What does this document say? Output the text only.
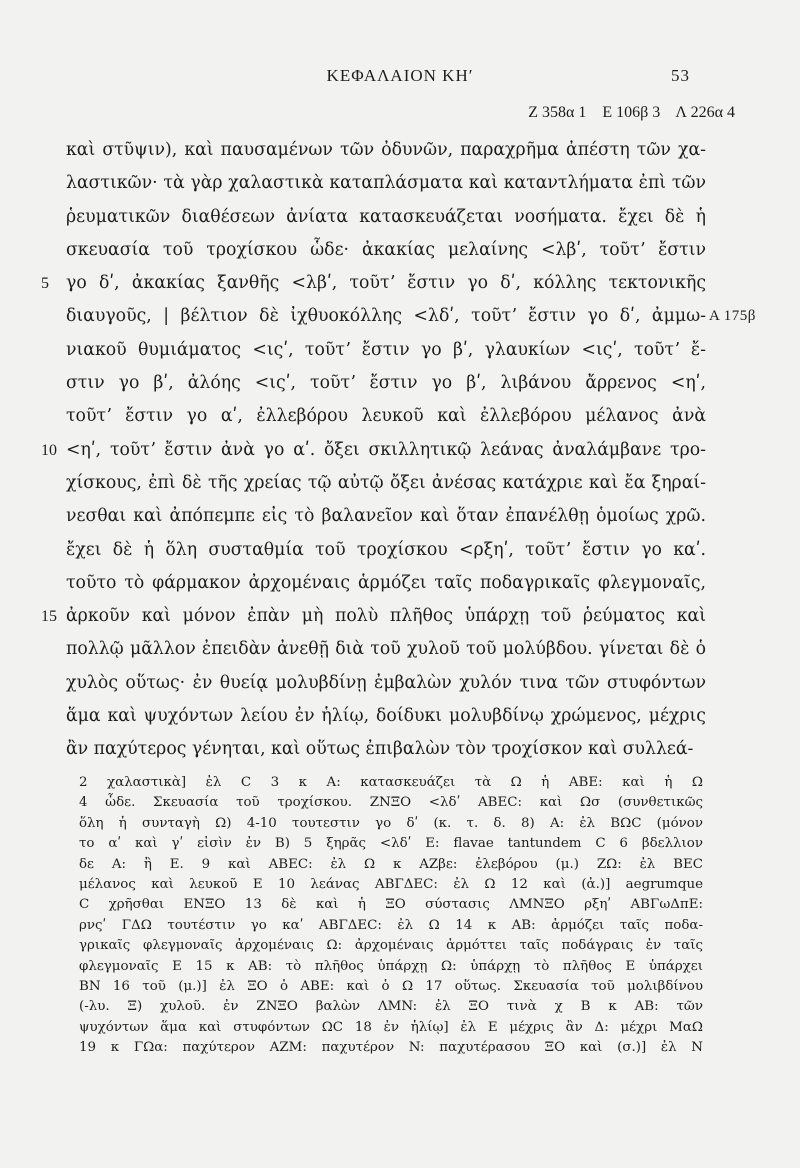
ΚΕΦΑΛΑΙΟΝ ΚΗʹ	53
Z 358α 1    E 106β 3    Λ 226α 4
καὶ στῦψιν), καὶ παυσαμένων τῶν ὀδυνῶν, παραχρῆμα ἀπέστη τῶν χα-
λαστικῶν· τὰ γὰρ χαλαστικὰ καταπλάσματα καὶ καταντλήματα ἐπὶ τῶν
ῥευματικῶν διαθέσεων ἀνίατα κατασκευάζεται νοσήματα. ἔχει δὲ ἡ
σκευασία τοῦ τροχίσκου ὧδε· ἀκακίας μελαίνης <λβʹ, τοῦτʼ ἔστιν
5 γο δʹ, ἀκακίας ξανθῆς <λβʹ, τοῦτʼ ἔστιν γο δʹ, κόλλης τεκτονικῆς
διαυγοῦς, | βέλτιον δὲ ἰχθυοκόλλης <λδʹ, τοῦτʼ ἔστιν γο δʹ, ἀμμω- A 175β
νιακοῦ θυμιάματος <ιςʹ, τοῦτʼ ἔστιν γο βʹ, γλαυκίων <ιςʹ, τοῦτʼ ἔ-
στιν γο βʹ, ἀλόης <ιςʹ, τοῦτʼ ἔστιν γο βʹ, λιβάνου ἄρρενος <ηʹ,
τοῦτʼ ἔστιν γο αʹ, ἐλλεβόρου λευκοῦ καὶ ἐλλεβόρου μέλανος ἀνὰ
10 <ηʹ, τοῦτʼ ἔστιν ἀνὰ γο αʹ. ὄξει σκιλλητικῷ λεάνας ἀναλάμβανε τρο-
χίσκους, ἐπὶ δὲ τῆς χρείας τῷ αὐτῷ ὄξει ἀνέσας κατάχριε καὶ ἔα ξηραί-
νεσθαι καὶ ἀπόπεμπε εἰς τὸ βαλανεῖον καὶ ὅταν ἐπανέλθῃ ὁμοίως χρῶ.
ἔχει δὲ ἡ ὅλη συσταθμία τοῦ τροχίσκου <ρξηʹ, τοῦτʼ ἔστιν γο καʹ.
τοῦτο τὸ φάρμακον ἀρχομέναις ἁρμόζει ταῖς ποδαγρικαῖς φλεγμοναῖς,
15 ἀρκοῦν καὶ μόνον ἐπὰν μὴ πολὺ πλῆθος ὑπάρχῃ τοῦ ῥεύματος καὶ
πολλῷ μᾶλλον ἐπειδὰν ἀνεθῇ διὰ τοῦ χυλοῦ τοῦ μολύβδου. γίνεται δὲ ὁ
χυλὸς οὕτως· ἐν θυείᾳ μολυβδίνῃ ἐμβαλὼν χυλόν τινα τῶν στυφόντων
ἅμα καὶ ψυχόντων λείου ἐν ἡλίῳ, δοίδυκι μολυβδίνῳ χρώμενος, μέχρις
ἂν παχύτερος γένηται, καὶ οὕτως ἐπιβαλὼν τὸν τροχίσκον καὶ συλλεά-
2 χαλαστικὰ] ἐλ C 3 κ A: κατασκευάζει τὰ Ω ἡ ABE: καὶ ἡ Ω
4 ὧδε. Σκευασία τοῦ τροχίσκου. ZNΞO <λδʹ ABEC: καὶ Ωσ (συνθετικῶς
ὅλη ἡ συνταγὴ Ω) 4-10 τουτεστιν γο δʹ (κ. τ. δ. 8) A: ἐλ BΩC (μόνον
το αʹ καὶ γʹ εἰσὶν ἐν B) 5 ξηρᾶς <λδʹ E: flavae tantundem C 6 βδελλιον
δε A: ἢ E. 9 καὶ ABEC: ἐλ Ω κ AZβε: ἐλεβόρου (μ.) ZΩ: ἐλ BEC
μέλανος καὶ λευκοῦ E 10 λεάνας ABΓΔEC: ἐλ Ω 12 καὶ (ἀ.)] aegrumque
C χρῆσθαι ENΞO 13 δὲ καὶ ἡ ΞO σύστασις ΛMNΞO ρξηʹ ABΓωΔπE:
ρνςʹ ΓΔΩ τουτέστιν γο καʹ ABΓΔEC: ἐλ Ω 14 κ AB: ἁρμόζει ταῖς ποδα-
γρικαῖς φλεγμοναῖς ἀρχομέναις Ω: ἀρχομέναις ἁρμόττει ταῖς ποδάγραις ἐν ταῖς
φλεγμοναῖς E 15 κ AB: τὸ πλῆθος ὑπάρχῃ Ω: ὑπάρχῃ τὸ πλῆθος E ὑπάρχει
BN 16 τοῦ (μ.)] ἐλ ΞO ὁ ABE: καὶ ὁ Ω 17 οὕτως. Σκευασία τοῦ μολιβδίνου
(-λυ. Ξ) χυλοῦ. ἐν ZNΞO βαλὼν ΛMN: ἐλ ΞO τινὰ χ B κ AB: τῶν
ψυχόντων ἅμα καὶ στυφόντων ΩC 18 ἐν ἡλίῳ] ἐλ E μέχρις ἂν Δ: μέχρι MαΩ
19 κ ΓΩα: παχύτερον AZM: παχυτέρον N: παχυτέρασου ΞO καὶ (σ.)] ἐλ N
